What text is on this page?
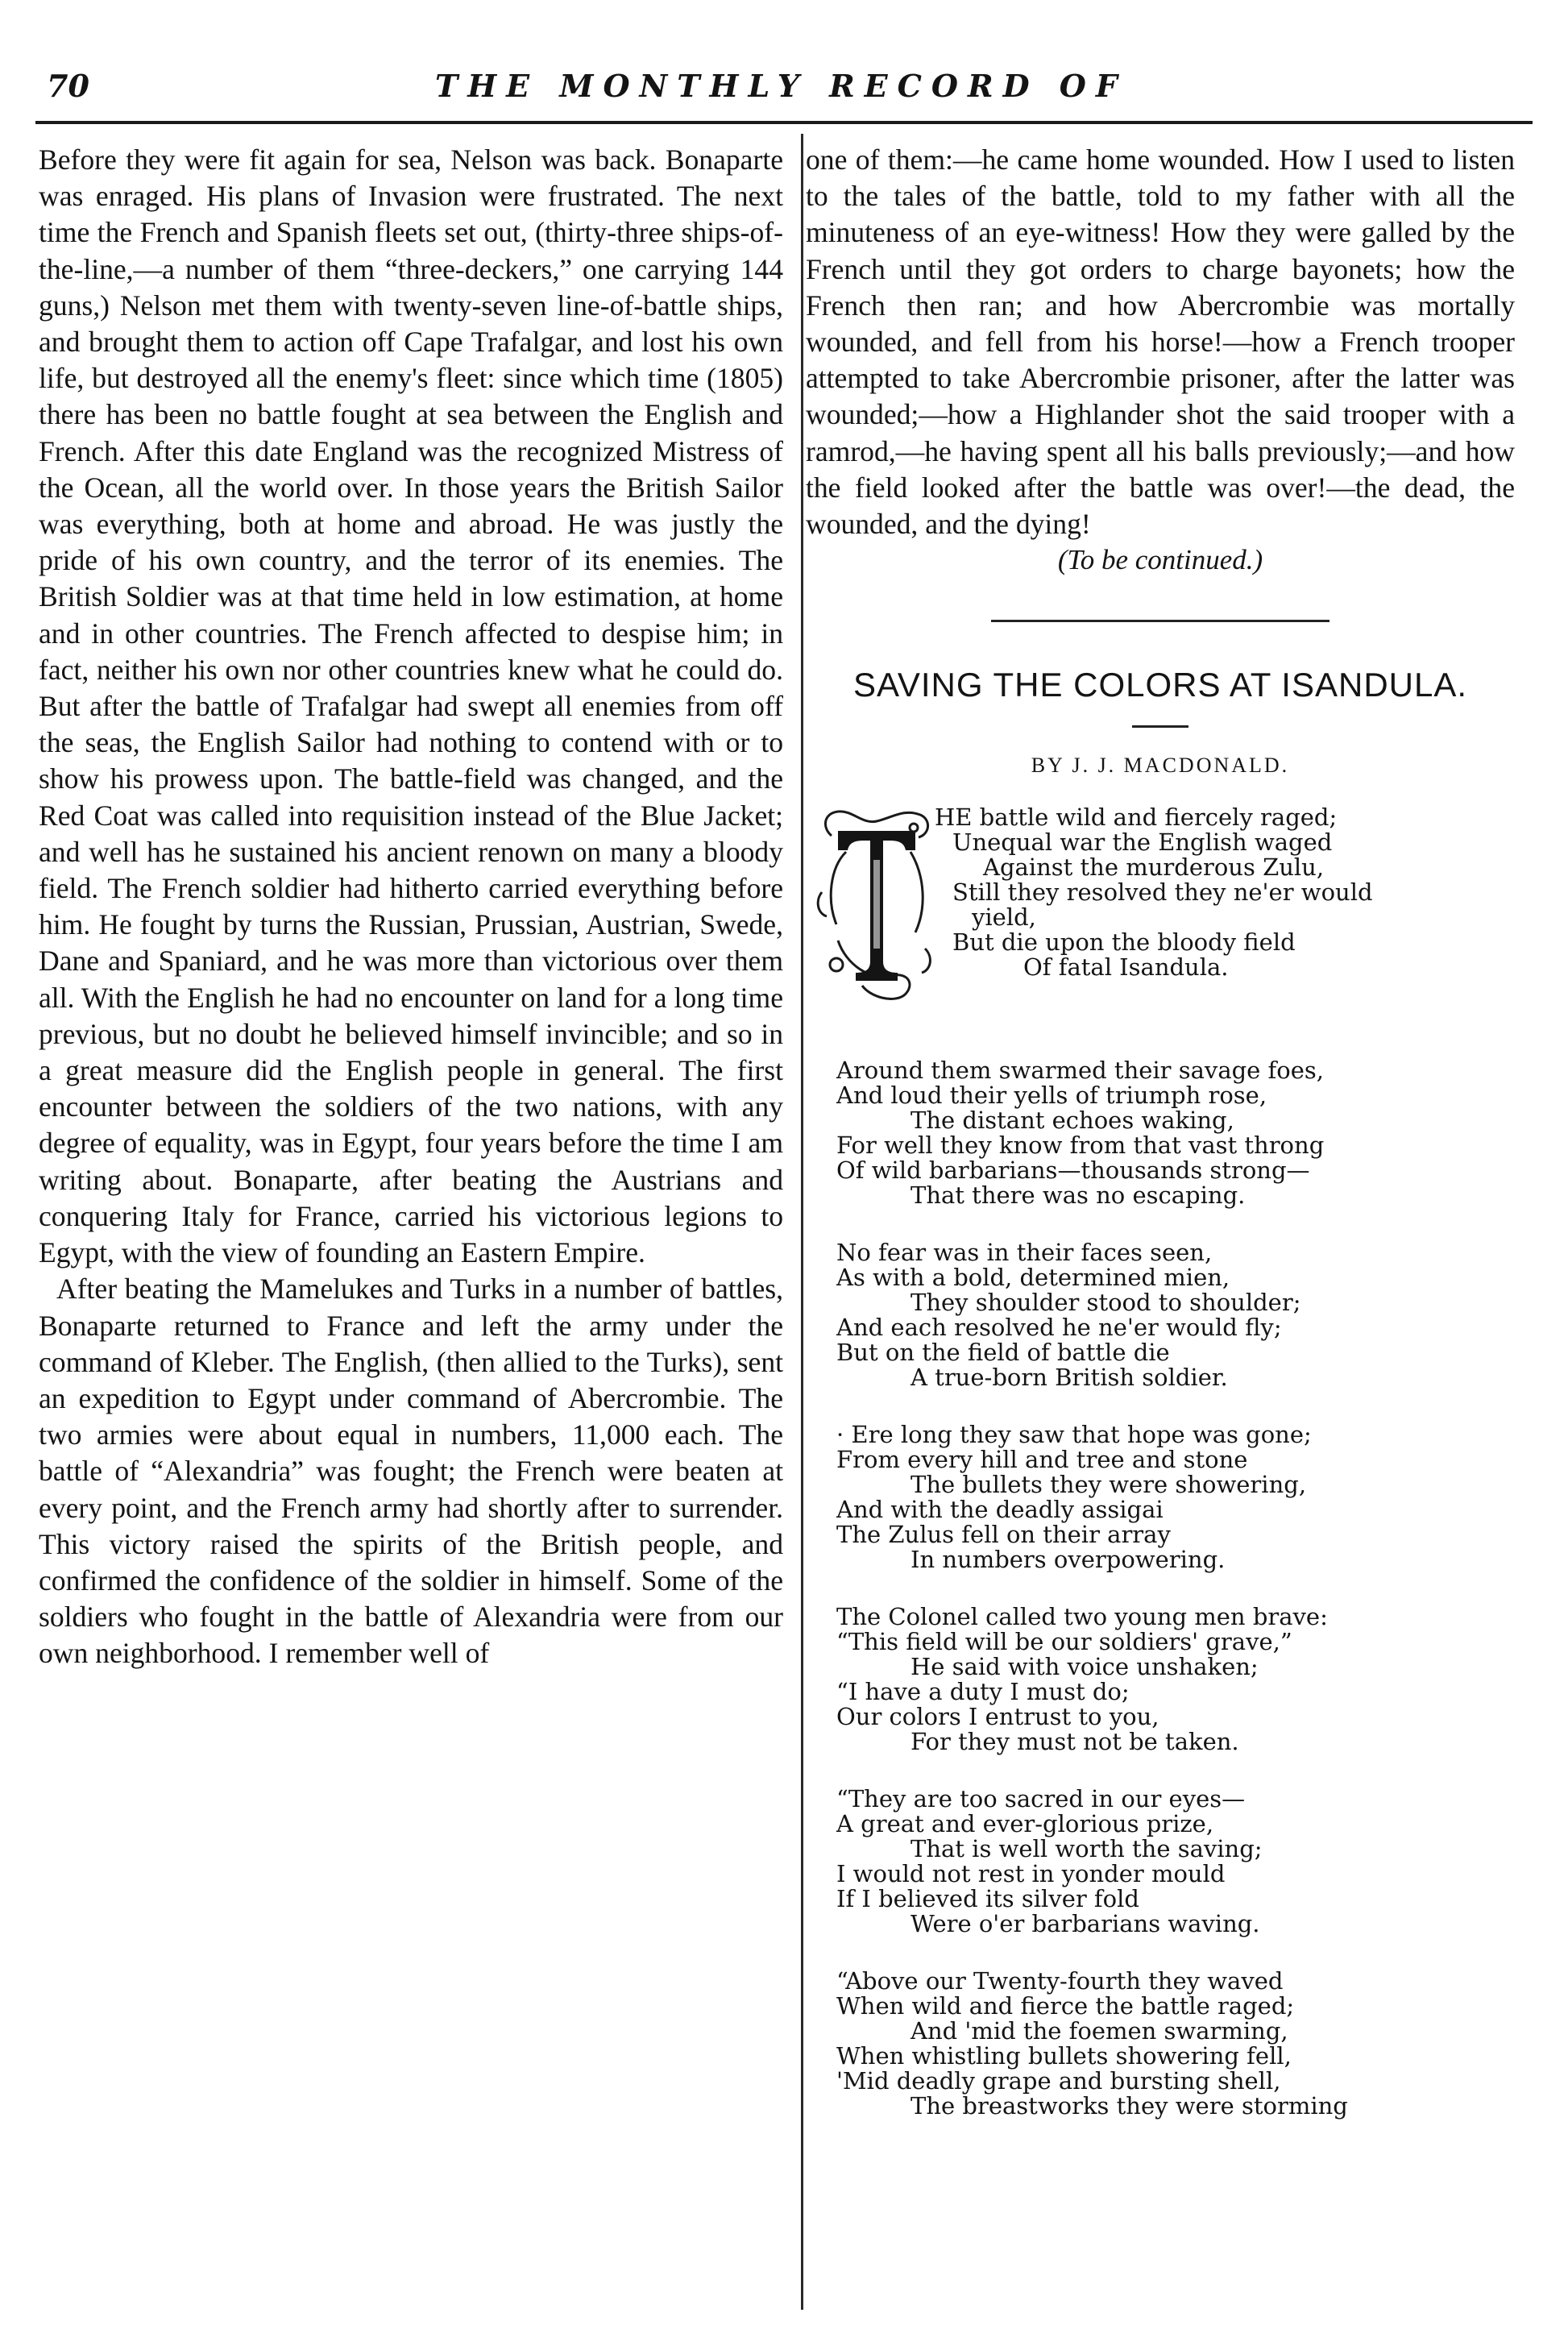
70	THE MONTHLY RECORD OF

Before they were fit again for sea, Nelson was back. Bonaparte was enraged. His plans of Invasion were frustrated. The next time the French and Spanish fleets set out, (thirty-three ships-of-the-line,—a number of them “three-deckers,” one carrying 144 guns,) Nelson met them with twenty-seven line-of-battle ships, and brought them to action off Cape Trafalgar, and lost his own life, but destroyed all the enemy's fleet: since which time (1805) there has been no battle fought at sea between the English and French. After this date England was the recognized Mistress of the Ocean, all the world over. In those years the British Sailor was everything, both at home and abroad. He was justly the pride of his own country, and the terror of its enemies. The British Soldier was at that time held in low estimation, at home and in other countries. The French affected to despise him; in fact, neither his own nor other countries knew what he could do. But after the battle of Trafalgar had swept all enemies from off the seas, the English Sailor had nothing to contend with or to show his prowess upon. The battle-field was changed, and the Red Coat was called into requisition instead of the Blue Jacket; and well has he sustained his ancient renown on many a bloody field. The French soldier had hitherto carried everything before him. He fought by turns the Russian, Prussian, Austrian, Swede, Dane and Spaniard, and he was more than victorious over them all. With the English he had no encounter on land for a long time previous, but no doubt he believed himself invincible; and so in a great measure did the English people in general. The first encounter between the soldiers of the two nations, with any degree of equality, was in Egypt, four years before the time I am writing about. Bonaparte, after beating the Austrians and conquering Italy for France, carried his victorious legions to Egypt, with the view of founding an Eastern Empire.

After beating the Mamelukes and Turks in a number of battles, Bonaparte returned to France and left the army under the command of Kleber. The English, (then allied to the Turks), sent an expedition to Egypt under command of Abercrombie. The two armies were about equal in numbers, 11,000 each. The battle of “Alexandria” was fought; the French were beaten at every point, and the French army had shortly after to surrender. This victory raised the spirits of the British people, and confirmed the confidence of the soldier in himself. Some of the soldiers who fought in the battle of Alexandria were from our own neighborhood. I remember well of

one of them:—he came home wounded. How I used to listen to the tales of the battle, told to my father with all the minuteness of an eye-witness! How they were galled by the French until they got orders to charge bayonets; how the French then ran; and how Abercrombie was mortally wounded, and fell from his horse!—how a French trooper attempted to take Abercrombie prisoner, after the latter was wounded;—how a Highlander shot the said trooper with a ramrod,—he having spent all his balls previously;—and how the field looked after the battle was over!—the dead, the wounded, and the dying!

(To be continued.)
SAVING THE COLORS AT ISANDULA.
BY J. J. MACDONALD.
HE battle wild and fiercely raged;
Unequal war the English waged
Against the murderous Zulu,
Still they resolved they ne'er would
yield,
But die upon the bloody field
Of fatal Isandula.
Around them swarmed their savage foes,
And loud their yells of triumph rose,
The distant echoes waking,
For well they know from that vast throng
Of wild barbarians—thousands strong—
That there was no escaping.
No fear was in their faces seen,
As with a bold, determined mien,
They shoulder stood to shoulder;
And each resolved he ne'er would fly;
But on the field of battle die
A true-born British soldier.
· Ere long they saw that hope was gone;
From every hill and tree and stone
The bullets they were showering,
And with the deadly assigai
The Zulus fell on their array
In numbers overpowering.
The Colonel called two young men brave:
“This field will be our soldiers' grave,”
He said with voice unshaken;
“I have a duty I must do;
Our colors I entrust to you,
For they must not be taken.
“They are too sacred in our eyes—
A great and ever-glorious prize,
That is well worth the saving;
I would not rest in yonder mould
If I believed its silver fold
Were o'er barbarians waving.
“Above our Twenty-fourth they waved
When wild and fierce the battle raged;
And 'mid the foemen swarming,
When whistling bullets showering fell,
'Mid deadly grape and bursting shell,
The breastworks they were storming
